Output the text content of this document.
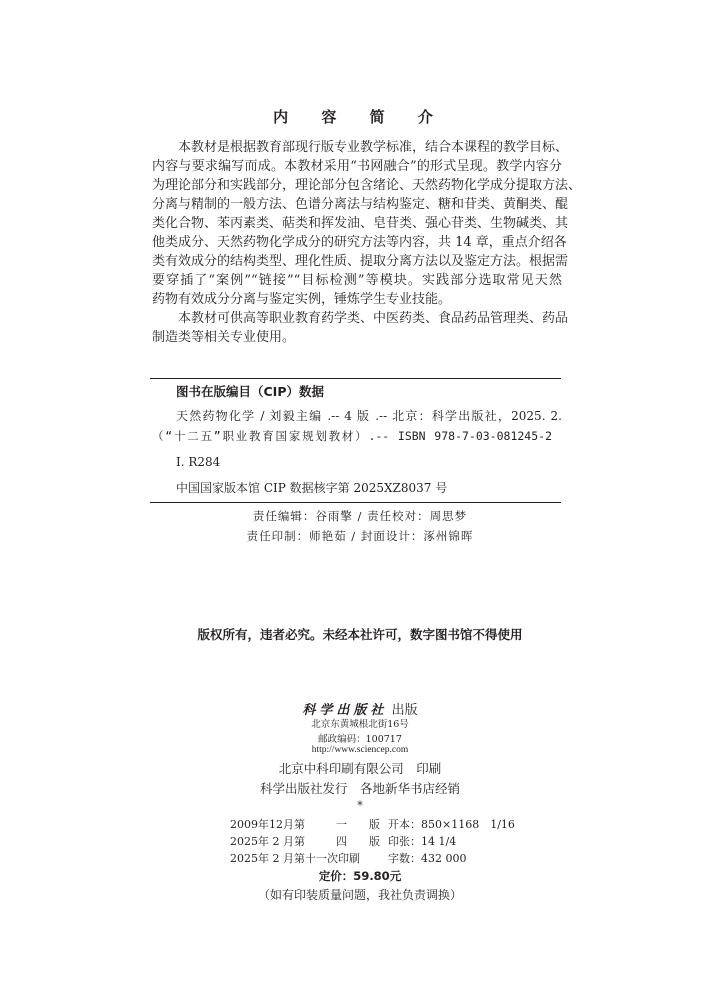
内 容 简 介
本教材是根据教育部现行版专业教学标准，结合本课程的教学目标、
内容与要求编写而成。本教材采用“书网融合”的形式呈现。教学内容分
为理论部分和实践部分，理论部分包含绪论、天然药物化学成分提取方法、
分离与精制的一般方法、色谱分离法与结构鉴定、糖和苷类、黄酮类、醌
类化合物、苯丙素类、萜类和挥发油、皂苷类、强心苷类、生物碱类、其
他类成分、天然药物化学成分的研究方法等内容，共 14 章，重点介绍各
类有效成分的结构类型、理化性质、提取分离方法以及鉴定方法。根据需
要穿插了“案例”“链接”“目标检测”等模块。实践部分选取常见天然
药物有效成分分离与鉴定实例，锤炼学生专业技能。
本教材可供高等职业教育药学类、中医药类、食品药品管理类、药品
制造类等相关专业使用。
图书在版编目（CIP）数据
天然药物化学 / 刘毅主编 .-- 4 版 .-- 北京：科学出版社，2025. 2.
（“十二五”职业教育国家规划教材）.-- ISBN 978-7-03-081245-2
Ⅰ. R284
中国国家版本馆 CIP 数据核字第 2025XZ8037 号
责任编辑：谷雨擎 / 责任校对：周思梦
责任印制：师艳茹 / 封面设计：涿州锦晖
版权所有，违者必究。未经本社许可，数字图书馆不得使用
科学出版社 出版
北京东黄城根北街16号
邮政编码：100717
http://www.sciencep.com
北京中科印刷有限公司　印刷
科学出版社发行　各地新华书店经销
*
2009年12月第	一　　版 开本：850×1168　1/16
2025年 2 月第	四　　版 印张：14 1/4
2025年 2 月第十一次印刷	字数：432 000
定价：59.80元
（如有印装质量问题，我社负责调换）
